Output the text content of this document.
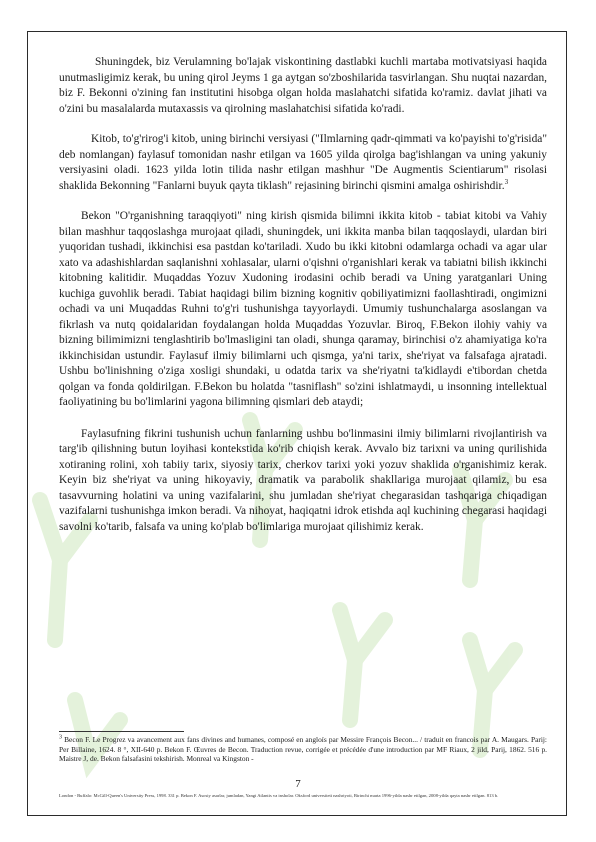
Shuningdek, biz Verulamning bo'lajak viskontining dastlabki kuchli martaba motivatsiyasi haqida unutmasligimiz kerak, bu uning qirol Jeyms 1 ga aytgan so'zboshilarida tasvirlangan. Shu nuqtai nazardan, biz F. Bekonni o'zining fan institutini hisobga olgan holda maslahatchi sifatida ko'ramiz. davlat jihati va o'zini bu masalalarda mutaxassis va qirolning maslahatchisi sifatida ko'radi.

Kitob, to'g'rirog'i kitob, uning birinchi versiyasi ("Ilmlarning qadr-qimmati va ko'payishi to'g'risida" deb nomlangan) faylasuf tomonidan nashr etilgan va 1605 yilda qirolga bag'ishlangan va uning yakuniy versiyasini oladi. 1623 yilda lotin tilida nashr etilgan mashhur "De Augmentis Scientiarum" risolasi shaklida Bekonning "Fanlarni buyuk qayta tiklash" rejasining birinchi qismini amalga oshirishdir.$^3$

Bekon "O'rganishning taraqqiyoti" ning kirish qismida bilimni ikkita kitob - tabiat kitobi va Vahiy bilan mashhur taqqoslashga murojaat qiladi, shuningdek, uni ikkita manba bilan taqqoslaydi, ulardan biri yuqoridan tushadi, ikkinchisi esa pastdan ko'tariladi. Xudo bu ikki kitobni odamlarga ochadi va agar ular xato va adashishlardan saqlanishni xohlasalar, ularni o'qishni o'rganishlari kerak va tabiatni bilish ikkinchi kitobning kalitidir. Muqaddas Yozuv Xudoning irodasini ochib beradi va Uning yaratganlari Uning kuchiga guvohlik beradi. Tabiat haqidagi bilim bizning kognitiv qobiliyatimizni faollashtiradi, ongimizni ochadi va uni Muqaddas Ruhni to'g'ri tushunishga tayyorlaydi. Umumiy tushunchalarga asoslangan va fikrlash va nutq qoidalaridan foydalangan holda Muqaddas Yozuvlar. Biroq, F.Bekon ilohiy vahiy va bizning bilimimizni tenglashtirib bo'lmasligini tan oladi, shunga qaramay, birinchisi o'z ahamiyatiga ko'ra ikkinchisidan ustundir. Faylasuf ilmiy bilimlarni uch qismga, ya'ni tarix, she'riyat va falsafaga ajratadi. Ushbu bo'linishning o'ziga xosligi shundaki, u odatda tarix va she'riyatni ta'kidlaydi e'tibordan chetda qolgan va fonda qoldirilgan. F.Bekon bu holatda "tasniflash" so'zini ishlatmaydi, u insonning intellektual faoliyatining bu bo'limlarini yagona bilimning qismlari deb ataydi;

Faylasufning fikrini tushunish uchun fanlarning ushbu bo'linmasini ilmiy bilimlarni rivojlantirish va targ'ib qilishning butun loyihasi kontekstida ko'rib chiqish kerak. Avvalo biz tarixni va uning qurilishida xotiraning rolini, xoh tabiiy tarix, siyosiy tarix, cherkov tarixi yoki yozuv shaklida o'rganishimiz kerak. Keyin biz she'riyat va uning hikoyaviy, dramatik va parabolik shakllariga murojaat qilamiz, bu esa tasavvurning holatini va uning vazifalarini, shu jumladan she'riyat chegarasidan tashqariga chiqadigan vazifalarni tushunishga imkon beradi. Va nihoyat, haqiqatni idrok etishda aql kuchining chegarasi haqidagi savolni ko'tarib, falsafa va uning ko'plab bo'limlariga murojaat qilishimiz kerak.

$^3$ Becon F. Le Progrez va avancement aux fans divines and humanes, composé en angloís par Messire François Becon... / traduit en francois par A. Maugars. Parij: Per Billaine, 1624. 8 °, XII-640 p. Bekon F. Œuvres de Becon. Traduction revue, corrigée et précédée d'une introduction par MF Riaux, 2 jild, Parij, 1862. 516 p. Maistre J, de. Bekon falsafasini tekshirish. Monreal va Kingston -
London - Buffalo: McGill-Queen's University Press, 1998. 331 p. Bekon F. Asosiy asarlar, jumladan, Yangi Atlantis va insholar. Oksford universiteti nashriyoti, Birinchi marta 1996-yilda nashr etilgan, 2008-yilda qayta nashr etilgan. 813 b.
7
